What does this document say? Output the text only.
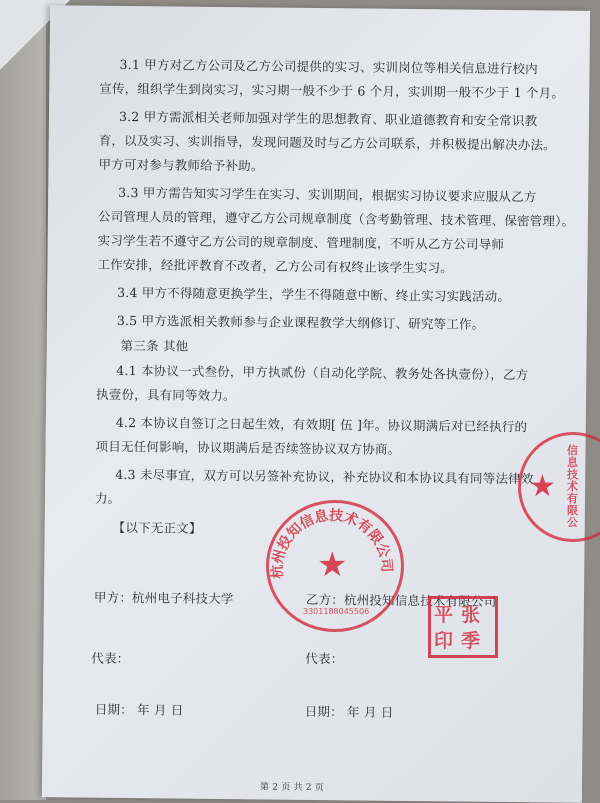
3.1 甲方对乙方公司及乙方公司提供的实习、实训岗位等相关信息进行校内
宣传，组织学生到岗实习，实习期一般不少于 6 个月，实训期一般不少于 1 个月。
3.2 甲方需派相关老师加强对学生的思想教育、职业道德教育和安全常识教
育，以及实习、实训指导，发现问题及时与乙方公司联系，并积极提出解决办法。
甲方可对参与教师给予补助。
3.3 甲方需告知实习学生在实习、实训期间，根据实习协议要求应服从乙方
公司管理人员的管理，遵守乙方公司规章制度（含考勤管理、技术管理、保密管理）。
实习学生若不遵守乙方公司的规章制度、管理制度，不听从乙方公司导师
工作安排，经批评教育不改者，乙方公司有权终止该学生实习。
3.4 甲方不得随意更换学生，学生不得随意中断、终止实习实践活动。
3.5 甲方选派相关教师参与企业课程教学大纲修订、研究等工作。
第三条 其他
4.1 本协议一式叁份，甲方执贰份（自动化学院、教务处各执壹份），乙方
执壹份，具有同等效力。
4.2 本协议自签订之日起生效，有效期[ 伍 ]年。协议期满后对已经执行的
项目无任何影响，协议期满后是否续签协议双方协商。
4.3 未尽事宜，双方可以另签补充协议，补充协议和本协议具有同等法律效
力。
【以下无正文】
甲方： 杭州电子科技大学	乙方： 杭州投知信息技术有限公司
代表：	代表：
日期： 年 月 日	日期： 年 月 日
第 2 页 共 2 页
杭州投知信息技术有限公司
★
3301188045506
★
信息技术有限公
张
季
平
印
